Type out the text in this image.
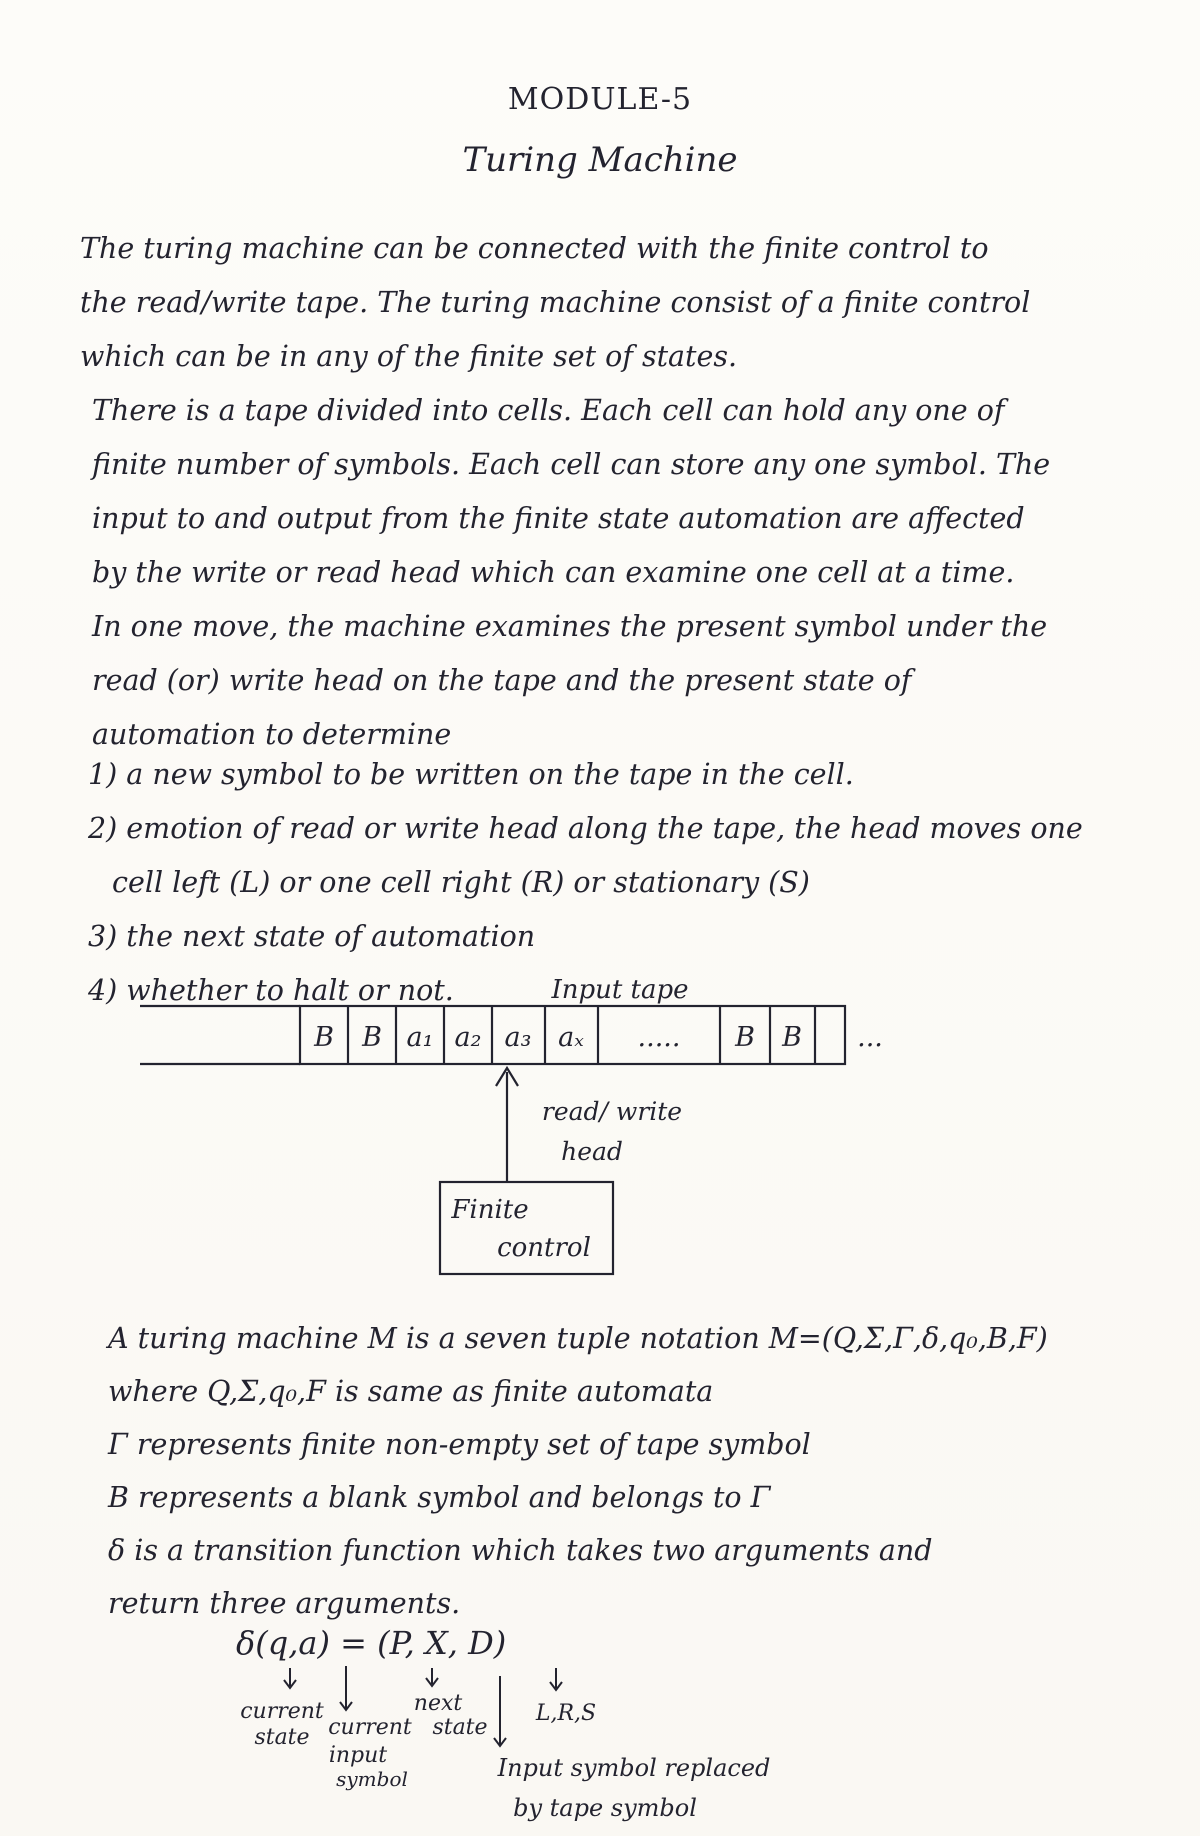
MODULE-5
Turing Machine
The turing machine can be connected with the finite control to
the read/write tape. The turing machine consist of a finite control
which can be in any of the finite set of states.
There is a tape divided into cells. Each cell can hold any one of
finite number of symbols. Each cell can store any one symbol. The
input to and output from the finite state automation are affected
by the write or read head which can examine one cell at a time.
In one move, the machine examines the present symbol under the
read (or) write head on the tape and the present state of
automation to determine
1) a new symbol to be written on the tape in the cell.
2) emotion of read or write head along the tape, the head moves one
cell left (L) or one cell right (R) or stationary (S)
3) the next state of automation
4) whether to halt or not.	Input tape
B B a₁ a₂ a₃ aₓ ..... B B ...
read/ write
head
Finite
control
A turing machine M is a seven tuple notation M=(Q,Σ,Γ,δ,q₀,B,F)
where Q,Σ,q₀,F is same as finite automata
Γ represents finite non-empty set of tape symbol
B represents a blank symbol and belongs to Γ
δ is a transition function which takes two arguments and
return three arguments.
δ(q,a) = (P, X, D)
current
state current
input
symbol
next
state
L,R,S
Input symbol replaced
by tape symbol
